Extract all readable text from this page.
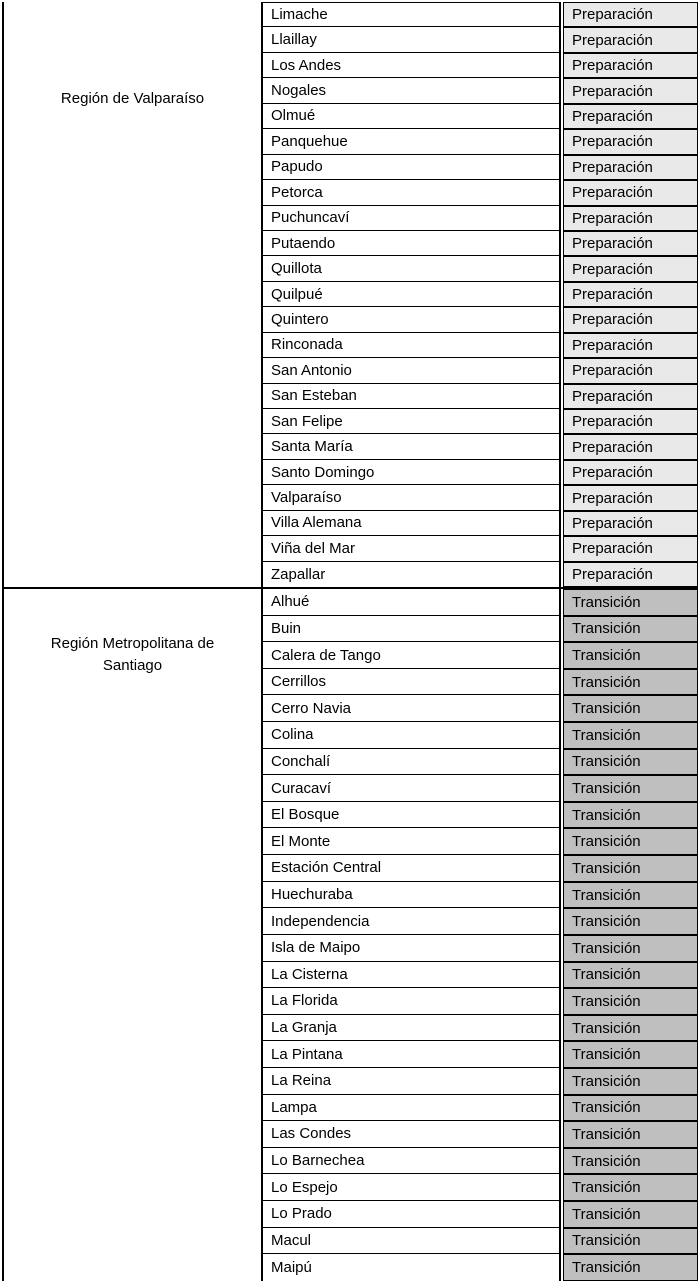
Región de Valparaíso
Limache	Preparación
Llaillay	Preparación
Los Andes	Preparación
Nogales	Preparación
Olmué	Preparación
Panquehue	Preparación
Papudo	Preparación
Petorca	Preparación
Puchuncaví	Preparación
Putaendo	Preparación
Quillota	Preparación
Quilpué	Preparación
Quintero	Preparación
Rinconada	Preparación
San Antonio	Preparación
San Esteban	Preparación
San Felipe	Preparación
Santa María	Preparación
Santo Domingo	Preparación
Valparaíso	Preparación
Villa Alemana	Preparación
Viña del Mar	Preparación
Zapallar	Preparación
Región Metropolitana de Santiago
Alhué	Transición
Buin	Transición
Calera de Tango	Transición
Cerrillos	Transición
Cerro Navia	Transición
Colina	Transición
Conchalí	Transición
Curacaví	Transición
El Bosque	Transición
El Monte	Transición
Estación Central	Transición
Huechuraba	Transición
Independencia	Transición
Isla de Maipo	Transición
La Cisterna	Transición
La Florida	Transición
La Granja	Transición
La Pintana	Transición
La Reina	Transición
Lampa	Transición
Las Condes	Transición
Lo Barnechea	Transición
Lo Espejo	Transición
Lo Prado	Transición
Macul	Transición
Maipú	Transición
